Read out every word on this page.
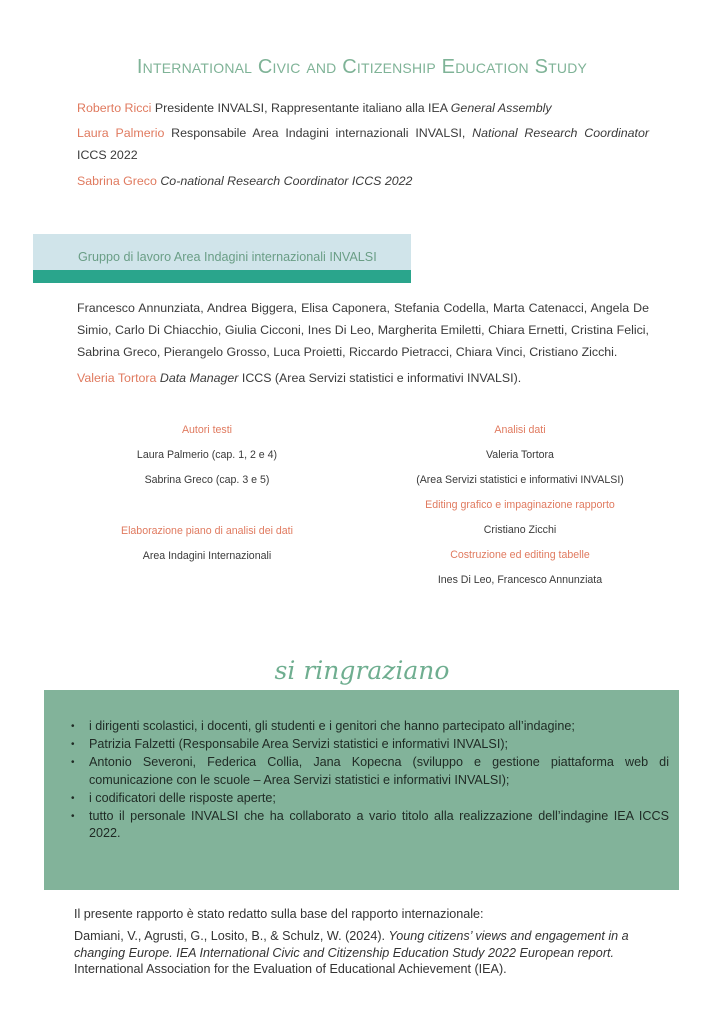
International Civic and Citizenship Education Study
Roberto Ricci Presidente INVALSI, Rappresentante italiano alla IEA General Assembly
Laura Palmerio Responsabile Area Indagini internazionali INVALSI, National Research Coordinator ICCS 2022
Sabrina Greco Co-national Research Coordinator ICCS 2022
Gruppo di lavoro Area Indagini internazionali INVALSI
Francesco Annunziata, Andrea Biggera, Elisa Caponera, Stefania Codella, Marta Catenacci, Angela De Simio, Carlo Di Chiacchio, Giulia Cicconi, Ines Di Leo, Margherita Emiletti, Chiara Ernetti, Cristina Felici, Sabrina Greco, Pierangelo Grosso, Luca Proietti, Riccardo Pietracci, Chiara Vinci, Cristiano Zicchi.
Valeria Tortora Data Manager ICCS (Area Servizi statistici e informativi INVALSI).
Autori testi
Laura Palmerio (cap. 1, 2 e 4)
Sabrina Greco (cap. 3 e 5)
Elaborazione piano di analisi dei dati
Area Indagini Internazionali
Analisi dati
Valeria Tortora
(Area Servizi statistici e informativi INVALSI)
Editing grafico e impaginazione rapporto
Cristiano Zicchi
Costruzione ed editing tabelle
Ines Di Leo, Francesco Annunziata
si ringraziano
• i dirigenti scolastici, i docenti, gli studenti e i genitori che hanno partecipato all’indagine;
• Patrizia Falzetti (Responsabile Area Servizi statistici e informativi INVALSI);
• Antonio Severoni, Federica Collia, Jana Kopecna (sviluppo e gestione piattaforma web di comunicazione con le scuole – Area Servizi statistici e informativi INVALSI);
• i codificatori delle risposte aperte;
• tutto il personale INVALSI che ha collaborato a vario titolo alla realizzazione dell’indagine IEA ICCS 2022.
Il presente rapporto è stato redatto sulla base del rapporto internazionale:
Damiani, V., Agrusti, G., Losito, B., & Schulz, W. (2024). Young citizens’ views and engagement in a changing Europe. IEA International Civic and Citizenship Education Study 2022 European report. International Association for the Evaluation of Educational Achievement (IEA).
